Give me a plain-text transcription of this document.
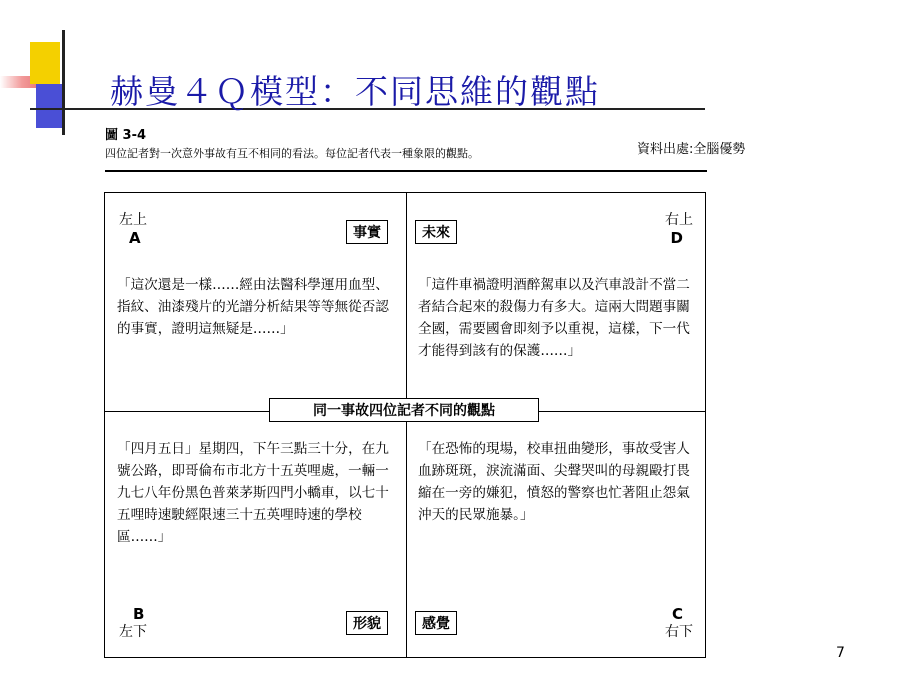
赫曼４Ｑ模型：不同思維的觀點
圖 3-4
四位記者對一次意外事故有互不相同的看法。每位記者代表一種象限的觀點。	資料出處:全腦優勢
左上
A	事實
「這次還是一樣……經由法醫科學運用血型、指紋、油漆殘片的光譜分析結果等等無從否認的事實，證明這無疑是……」
右上
D
未來
「這件車禍證明酒醉駕車以及汽車設計不當二者結合起來的殺傷力有多大。這兩大問題事關全國，需要國會即刻予以重視，這樣，下一代才能得到該有的保護……」
同一事故四位記者不同的觀點
「四月五日」星期四，下午三點三十分，在九號公路，即哥倫布市北方十五英哩處，一輛一九七八年份黑色普萊茅斯四門小轎車，以七十五哩時速駛經限速三十五英哩時速的學校區……」
B
左下	形貌
「在恐怖的現場，校車扭曲變形，事故受害人血跡斑斑，淚流滿面、尖聲哭叫的母親毆打畏縮在一旁的嫌犯，憤怒的警察也忙著阻止怨氣沖天的民眾施暴。」
C
右下
感覺
7
